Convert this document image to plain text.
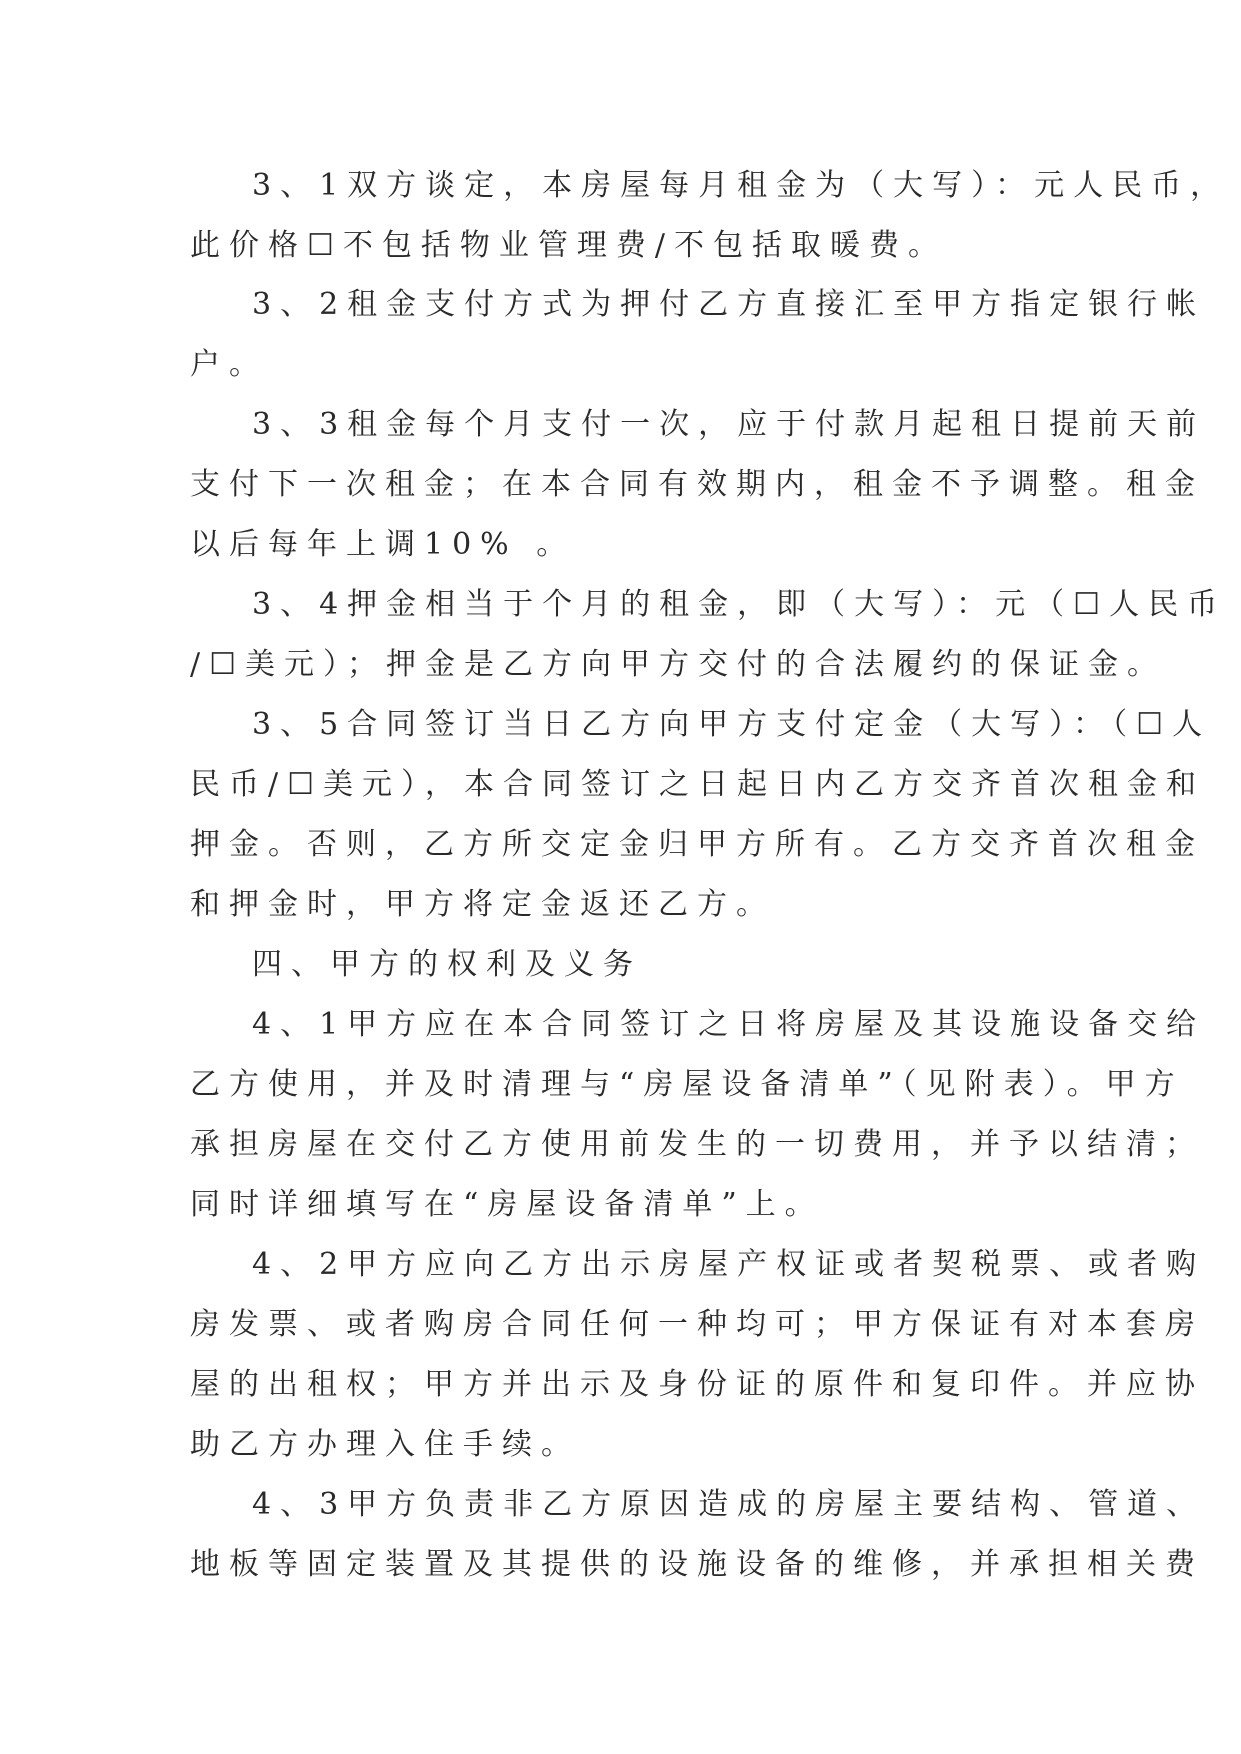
3、1双方谈定，本房屋每月租金为（大写）：元人民币，

此价格☐不包括物业管理费/不包括取暖费。

3、2租金支付方式为押付乙方直接汇至甲方指定银行帐

户。

3、3租金每个月支付一次，应于付款月起租日提前天前

支付下一次租金；在本合同有效期内，租金不予调整。租金

以后每年上调10% 。

3、4押金相当于个月的租金，即（大写）：元（☐人民币

/☐美元）；押金是乙方向甲方交付的合法履约的保证金。

3、5合同签订当日乙方向甲方支付定金（大写）：（☐人

民币/☐美元），本合同签订之日起日内乙方交齐首次租金和

押金。否则，乙方所交定金归甲方所有。乙方交齐首次租金

和押金时，甲方将定金返还乙方。

四、甲方的权利及义务

4、1甲方应在本合同签订之日将房屋及其设施设备交给

乙方使用，并及时清理与“房屋设备清单”（见附表）。甲方

承担房屋在交付乙方使用前发生的一切费用，并予以结清；

同时详细填写在“房屋设备清单”上。

4、2甲方应向乙方出示房屋产权证或者契税票、或者购

房发票、或者购房合同任何一种均可；甲方保证有对本套房

屋的出租权；甲方并出示及身份证的原件和复印件。并应协

助乙方办理入住手续。

4、3甲方负责非乙方原因造成的房屋主要结构、管道、

地板等固定装置及其提供的设施设备的维修，并承担相关费
